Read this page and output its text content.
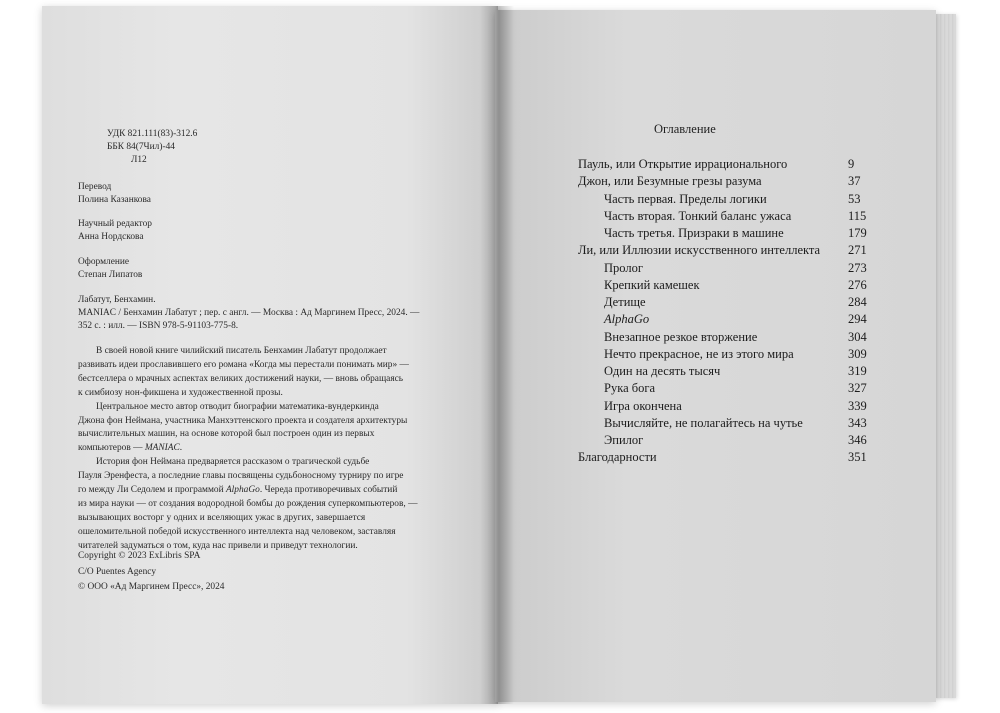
УДК 821.111(83)-312.6
ББК 84(7Чил)-44
Л12

Перевод

Полина Казанкова

Научный редактор

Анна Нордскова

Оформление

Степан Липатов

Лабатут, Бенхамин.

MANIAC / Бенхамин Лабатут ; пер. с англ. — Москва : Ад Маргинем Пресс, 2024. —

352 с. : илл. — ISBN 978-5-91103-775-8.

В своей новой книге чилийский писатель Бенхамин Лабатут продолжает
развивать идеи прославившего его романа «Когда мы перестали понимать мир» —
бестселлера о мрачных аспектах великих достижений науки, — вновь обращаясь
к симбиозу нон-фикшена и художественной прозы.
Центральное место автор отводит биографии математика-вундеркинда
Джона фон Неймана, участника Манхэттенского проекта и создателя архитектуры
вычислительных машин, на основе которой был построен один из первых
компьютеров — MANIAC.
История фон Неймана предваряется рассказом о трагической судьбе
Пауля Эренфеста, а последние главы посвящены судьбоносному турниру по игре
го между Ли Седолем и программой AlphaGo. Череда противоречивых событий
из мира науки — от создания водородной бомбы до рождения суперкомпьютеров, —
вызывающих восторг у одних и вселяющих ужас в других, завершается
ошеломительной победой искусственного интеллекта над человеком, заставляя
читателей задуматься о том, куда нас привели и приведут технологии.

Copyright © 2023 ExLibris SPA

C/O Puentes Agency

© ООО «Ад Маргинем Пресс», 2024

Оглавление
Пауль, или Открытие иррационального	9
Джон, или Безумные грезы разума	37
Часть первая. Пределы логики	53
Часть вторая. Тонкий баланс ужаса	115
Часть третья. Призраки в машине	179
Ли, или Иллюзии искусственного интеллекта 271
Пролог	273
Крепкий камешек	276
Детище	284
AlphaGo	294
Внезапное резкое вторжение	304
Нечто прекрасное, не из этого мира	309
Один на десять тысяч	319
Рука бога	327
Игра окончена	339
Вычисляйте, не полагайтесь на чутье	343
Эпилог	346
Благодарности	351
